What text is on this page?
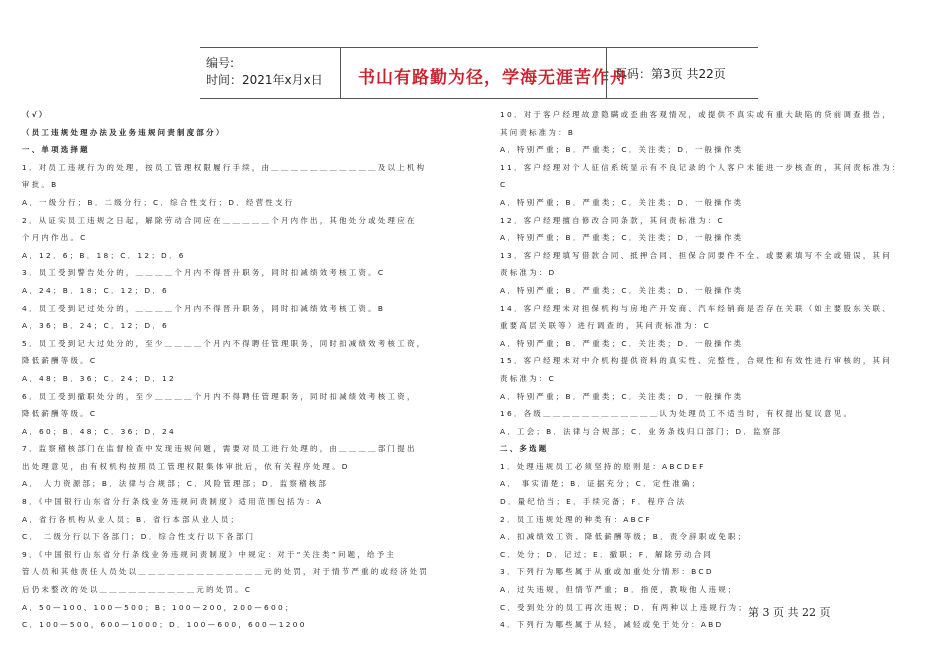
编号:
时间：2021年x月x日 书山有路勤为径，学海无涯苦作舟
页码：第3页 共22页
（√）
（员工违规处理办法及业务违规问责制度部分）
一、单项选择题
1．对员工违规行为的处理，按员工管理权限履行手续，由＿＿＿＿＿＿＿＿＿＿＿及以上机构
审批。B
A．一级分行；B．二级分行；C．综合性支行；D．经营性支行
2．从证实员工违规之日起，解除劳动合同应在＿＿＿＿＿个月内作出，其他处分或处理应在
个月内作出。C
A．12．6；B．18；C．12；D．6
3．员工受到警告处分的，＿＿＿＿个月内不得晋升职务，同时扣减绩效考核工资。C
A．24；B．18；C．12；D．6
4．员工受到记过处分的，＿＿＿＿个月内不得晋升职务，同时扣减绩效考核工资。B
A．36；B．24；C．12；D．6
5．员工受到记大过处分的，至少＿＿＿＿个月内不得聘任管理职务，同时扣减绩效考核工资，
降低薪酬等级。C
A．48；B．36；C．24；D．12
6．员工受到撤职处分的，至少＿＿＿＿个月内不得聘任管理职务，同时扣减绩效考核工资，
降低薪酬等级。C
A．60；B．48；C．36；D．24
7．监察稽核部门在监督检查中发现违规问题，需要对员工进行处理的，由＿＿＿＿部门提出
出处理意见，由有权机构按照员工管理权限集体审批后，依有关程序处理。D
A． 人力资源部；B．法律与合规部；C．风险管理部；D．监察稽核部
8．《中国银行山东省分行条线业务违规问责制度》适用范围包括为：A
A．省行各机构从业人员；B．省行本部从业人员；
C． 二级分行以下各部门；D．综合性支行以下各部门
9．《中国银行山东省分行条线业务违规问责制度》中规定：对于“关注类”问题，给予主
管人员和其他责任人员处以＿＿＿＿＿＿＿＿＿＿＿＿＿元的处罚，对于情节严重的或经济处罚
后仍未整改的处以＿＿＿＿＿＿＿＿＿＿元的处罚。C
A．50—100、100—500；B；100—200，200—600；
C．100—500，600—1000；D．100—600，600—1200
10．对于客户经理故意隐瞒或歪曲客观情况，或提供不真实或有重大缺陷的贷前调查报告，
其问责标准为：B
A．特别严重；B．严重类；C．关注类；D．一般操作类
11．客户经理对个人征信系统显示有不良记录的个人客户未能进一步核查的，其问责标准为：
C
A．特别严重；B．严重类；C．关注类；D．一般操作类
12．客户经理擅自修改合同条款，其问责标准为：C
A．特别严重；B．严重类；C．关注类；D．一般操作类
13．客户经理填写借款合同、抵押合同、担保合同要件不全、或要素填写不全或错误，其问
责标准为：D
A．特别严重；B．严重类；C．关注类；D．一般操作类
14．客户经理未对担保机构与房地产开发商、汽车经销商是否存在关联（如主要股东关联、
重要高层关联等）进行调查的，其问责标准为：C
A．特别严重；B．严重类；C．关注类；D．一般操作类
15．客户经理未对中介机构提供资料的真实性、完整性，合规性和有效性进行审核的，其问
责标准为：C
A．特别严重；B．严重类；C．关注类；D．一般操作类
16．各级＿＿＿＿＿＿＿＿＿＿＿＿认为处理员工不适当时，有权提出复议意见。
A．工会；B．法律与合规部；C．业务条线归口部门；D．监察部
二、多选题
1．处理违规员工必须坚持的原则是：ABCDEF
A． 事实清楚；B．证据充分；C．定性准确；
D．量纪恰当；E．手续完备；F．程序合法
2．员工违规处理的种类有：ABCF
A．扣减绩效工资、降低薪酬等级；B．责令辞职或免职；
C．处分；D．记过；E．撤职；F．解除劳动合同
3．下列行为哪些属于从重或加重处分情形：BCD
A．过失违规，但情节严重；B．指使，教唆他人违规；
C．受到处分的员工再次违规；D．有两种以上违规行为；
4．下列行为哪些属于从轻，减轻或免于处分：ABD
第 3 页 共 22 页
